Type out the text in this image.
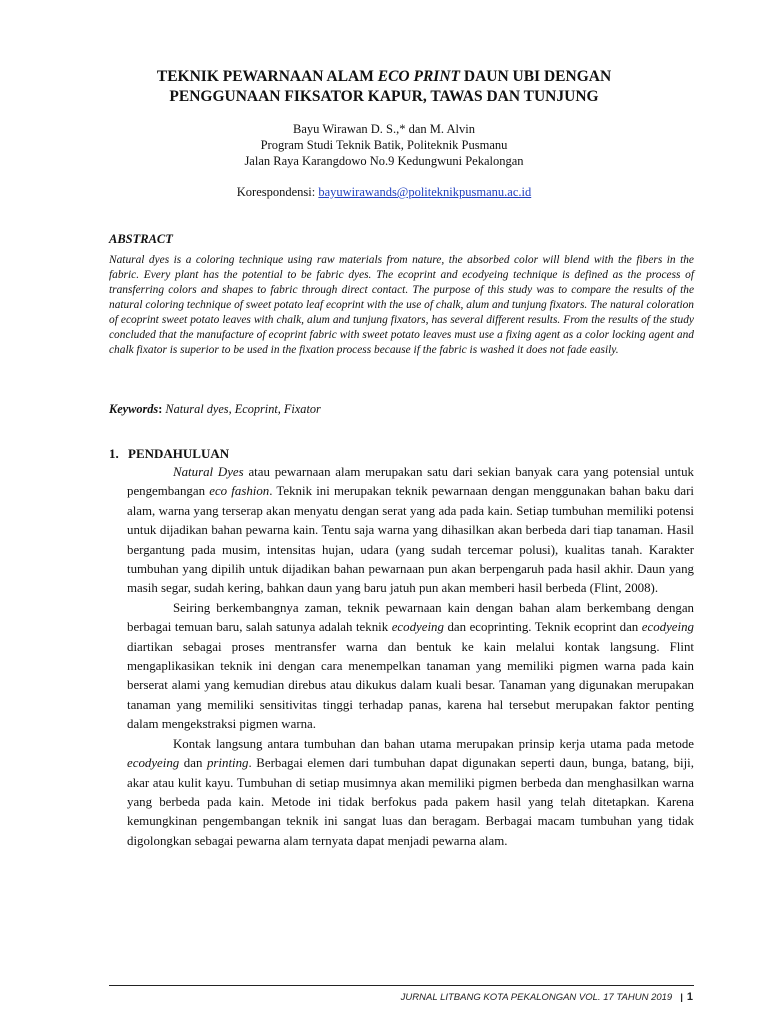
TEKNIK PEWARNAAN ALAM ECO PRINT DAUN UBI DENGAN
PENGGUNAAN FIKSATOR KAPUR, TAWAS DAN TUNJUNG
Bayu Wirawan D. S.,* dan M. Alvin
Program Studi Teknik Batik, Politeknik Pusmanu
Jalan Raya Karangdowo No.9 Kedungwuni Pekalongan
Korespondensi: bayuwirawands@politeknikpusmanu.ac.id
ABSTRACT

Natural dyes is a coloring technique using raw materials from nature, the absorbed color will blend with the fibers in the fabric. Every plant has the potential to be fabric dyes. The ecoprint and ecodyeing technique is defined as the process of transferring colors and shapes to fabric through direct contact. The purpose of this study was to compare the results of the natural coloring technique of sweet potato leaf ecoprint with the use of chalk, alum and tunjung fixators. The natural coloration of ecoprint sweet potato leaves with chalk, alum and tunjung fixators, has several different results. From the results of the study concluded that the manufacture of ecoprint fabric with sweet potato leaves must use a fixing agent as a color locking agent and chalk fixator is superior to be used in the fixation process because if the fabric is washed it does not fade easily.

Keywords: Natural dyes, Ecoprint, Fixator
1. PENDAHULUAN

Natural Dyes atau pewarnaan alam merupakan satu dari sekian banyak cara yang potensial untuk pengembangan eco fashion. Teknik ini merupakan teknik pewarnaan dengan menggunakan bahan baku dari alam, warna yang terserap akan menyatu dengan serat yang ada pada kain. Setiap tumbuhan memiliki potensi untuk dijadikan bahan pewarna kain. Tentu saja warna yang dihasilkan akan berbeda dari tiap tanaman. Hasil bergantung pada musim, intensitas hujan, udara (yang sudah tercemar polusi), kualitas tanah. Karakter tumbuhan yang dipilih untuk dijadikan bahan pewarnaan pun akan berpengaruh pada hasil akhir. Daun yang masih segar, sudah kering, bahkan daun yang baru jatuh pun akan memberi hasil berbeda (Flint, 2008).

Seiring berkembangnya zaman, teknik pewarnaan kain dengan bahan alam berkembang dengan berbagai temuan baru, salah satunya adalah teknik ecodyeing dan ecoprinting. Teknik ecoprint dan ecodyeing diartikan sebagai proses mentransfer warna dan bentuk ke kain melalui kontak langsung. Flint mengaplikasikan teknik ini dengan cara menempelkan tanaman yang memiliki pigmen warna pada kain berserat alami yang kemudian direbus atau dikukus dalam kuali besar. Tanaman yang digunakan merupakan tanaman yang memiliki sensitivitas tinggi terhadap panas, karena hal tersebut merupakan faktor penting dalam mengekstraksi pigmen warna.

Kontak langsung antara tumbuhan dan bahan utama merupakan prinsip kerja utama pada metode ecodyeing dan printing. Berbagai elemen dari tumbuhan dapat digunakan seperti daun, bunga, batang, biji, akar atau kulit kayu. Tumbuhan di setiap musimnya akan memiliki pigmen berbeda dan menghasilkan warna yang berbeda pada kain. Metode ini tidak berfokus pada pakem hasil yang telah ditetapkan. Karena kemungkinan pengembangan teknik ini sangat luas dan beragam. Berbagai macam tumbuhan yang tidak digolongkan sebagai pewarna alam ternyata dapat menjadi pewarna alam.

JURNAL LITBANG KOTA PEKALONGAN VOL. 17 TAHUN 2019 | 1
